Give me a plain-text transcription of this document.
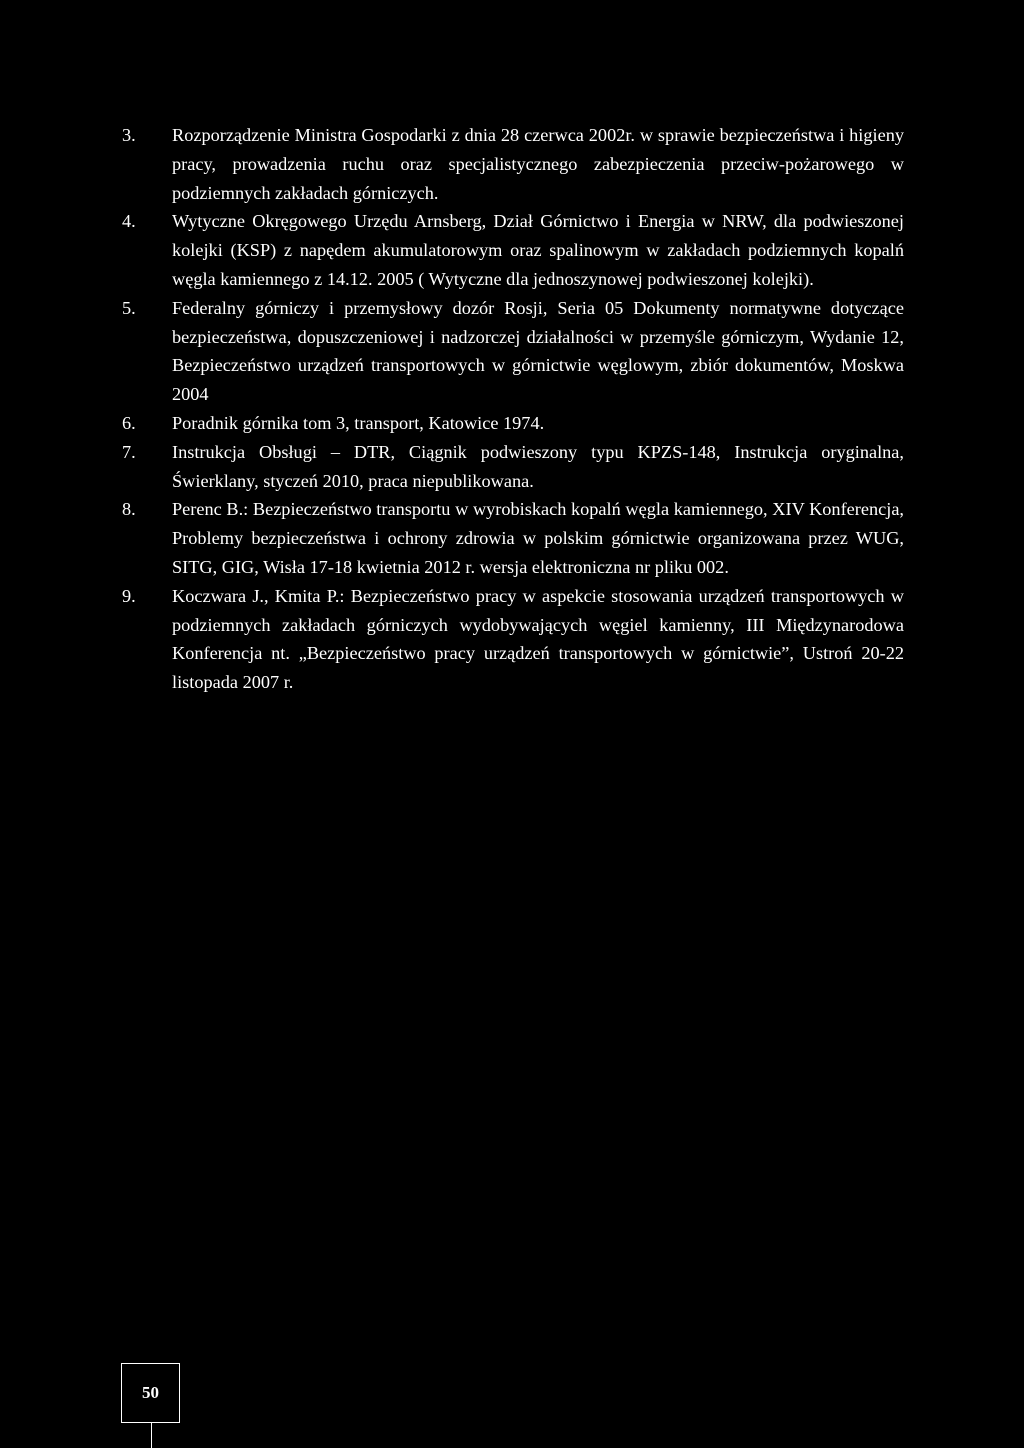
3. Rozporządzenie Ministra Gospodarki z dnia 28 czerwca 2002r. w sprawie bezpieczeństwa i higieny pracy, prowadzenia ruchu oraz specjalistycznego zabezpieczenia przeciw-pożarowego w podziemnych zakładach górniczych.
4. Wytyczne Okręgowego Urzędu Arnsberg, Dział Górnictwo i Energia w NRW, dla podwieszonej kolejki (KSP) z napędem akumulatorowym oraz spalinowym w zakładach podziemnych kopalń węgla kamiennego z 14.12. 2005 ( Wytyczne dla jednoszynowej podwieszonej kolejki).
5. Federalny górniczy i przemysłowy dozór Rosji, Seria 05 Dokumenty normatywne dotyczące bezpieczeństwa, dopuszczeniowej i nadzorczej działalności w przemyśle górniczym, Wydanie 12, Bezpieczeństwo urządzeń transportowych w górnictwie węglowym, zbiór dokumentów, Moskwa 2004
6. Poradnik górnika tom 3, transport, Katowice 1974.
7. Instrukcja Obsługi – DTR, Ciągnik podwieszony typu KPZS-148, Instrukcja oryginalna, Świerklany, styczeń 2010, praca niepublikowana.
8. Perenc B.: Bezpieczeństwo transportu w wyrobiskach kopalń węgla kamiennego, XIV Konferencja, Problemy bezpieczeństwa i ochrony zdrowia w polskim górnictwie organizowana przez WUG, SITG, GIG, Wisła 17-18 kwietnia 2012 r. wersja elektroniczna nr pliku 002.
9. Koczwara J., Kmita P.: Bezpieczeństwo pracy w aspekcie stosowania urządzeń transportowych w podziemnych zakładach górniczych wydobywających węgiel kamienny, III Międzynarodowa Konferencja nt. „Bezpieczeństwo pracy urządzeń transportowych w górnictwie”, Ustroń 20-22 listopada 2007 r.
50
